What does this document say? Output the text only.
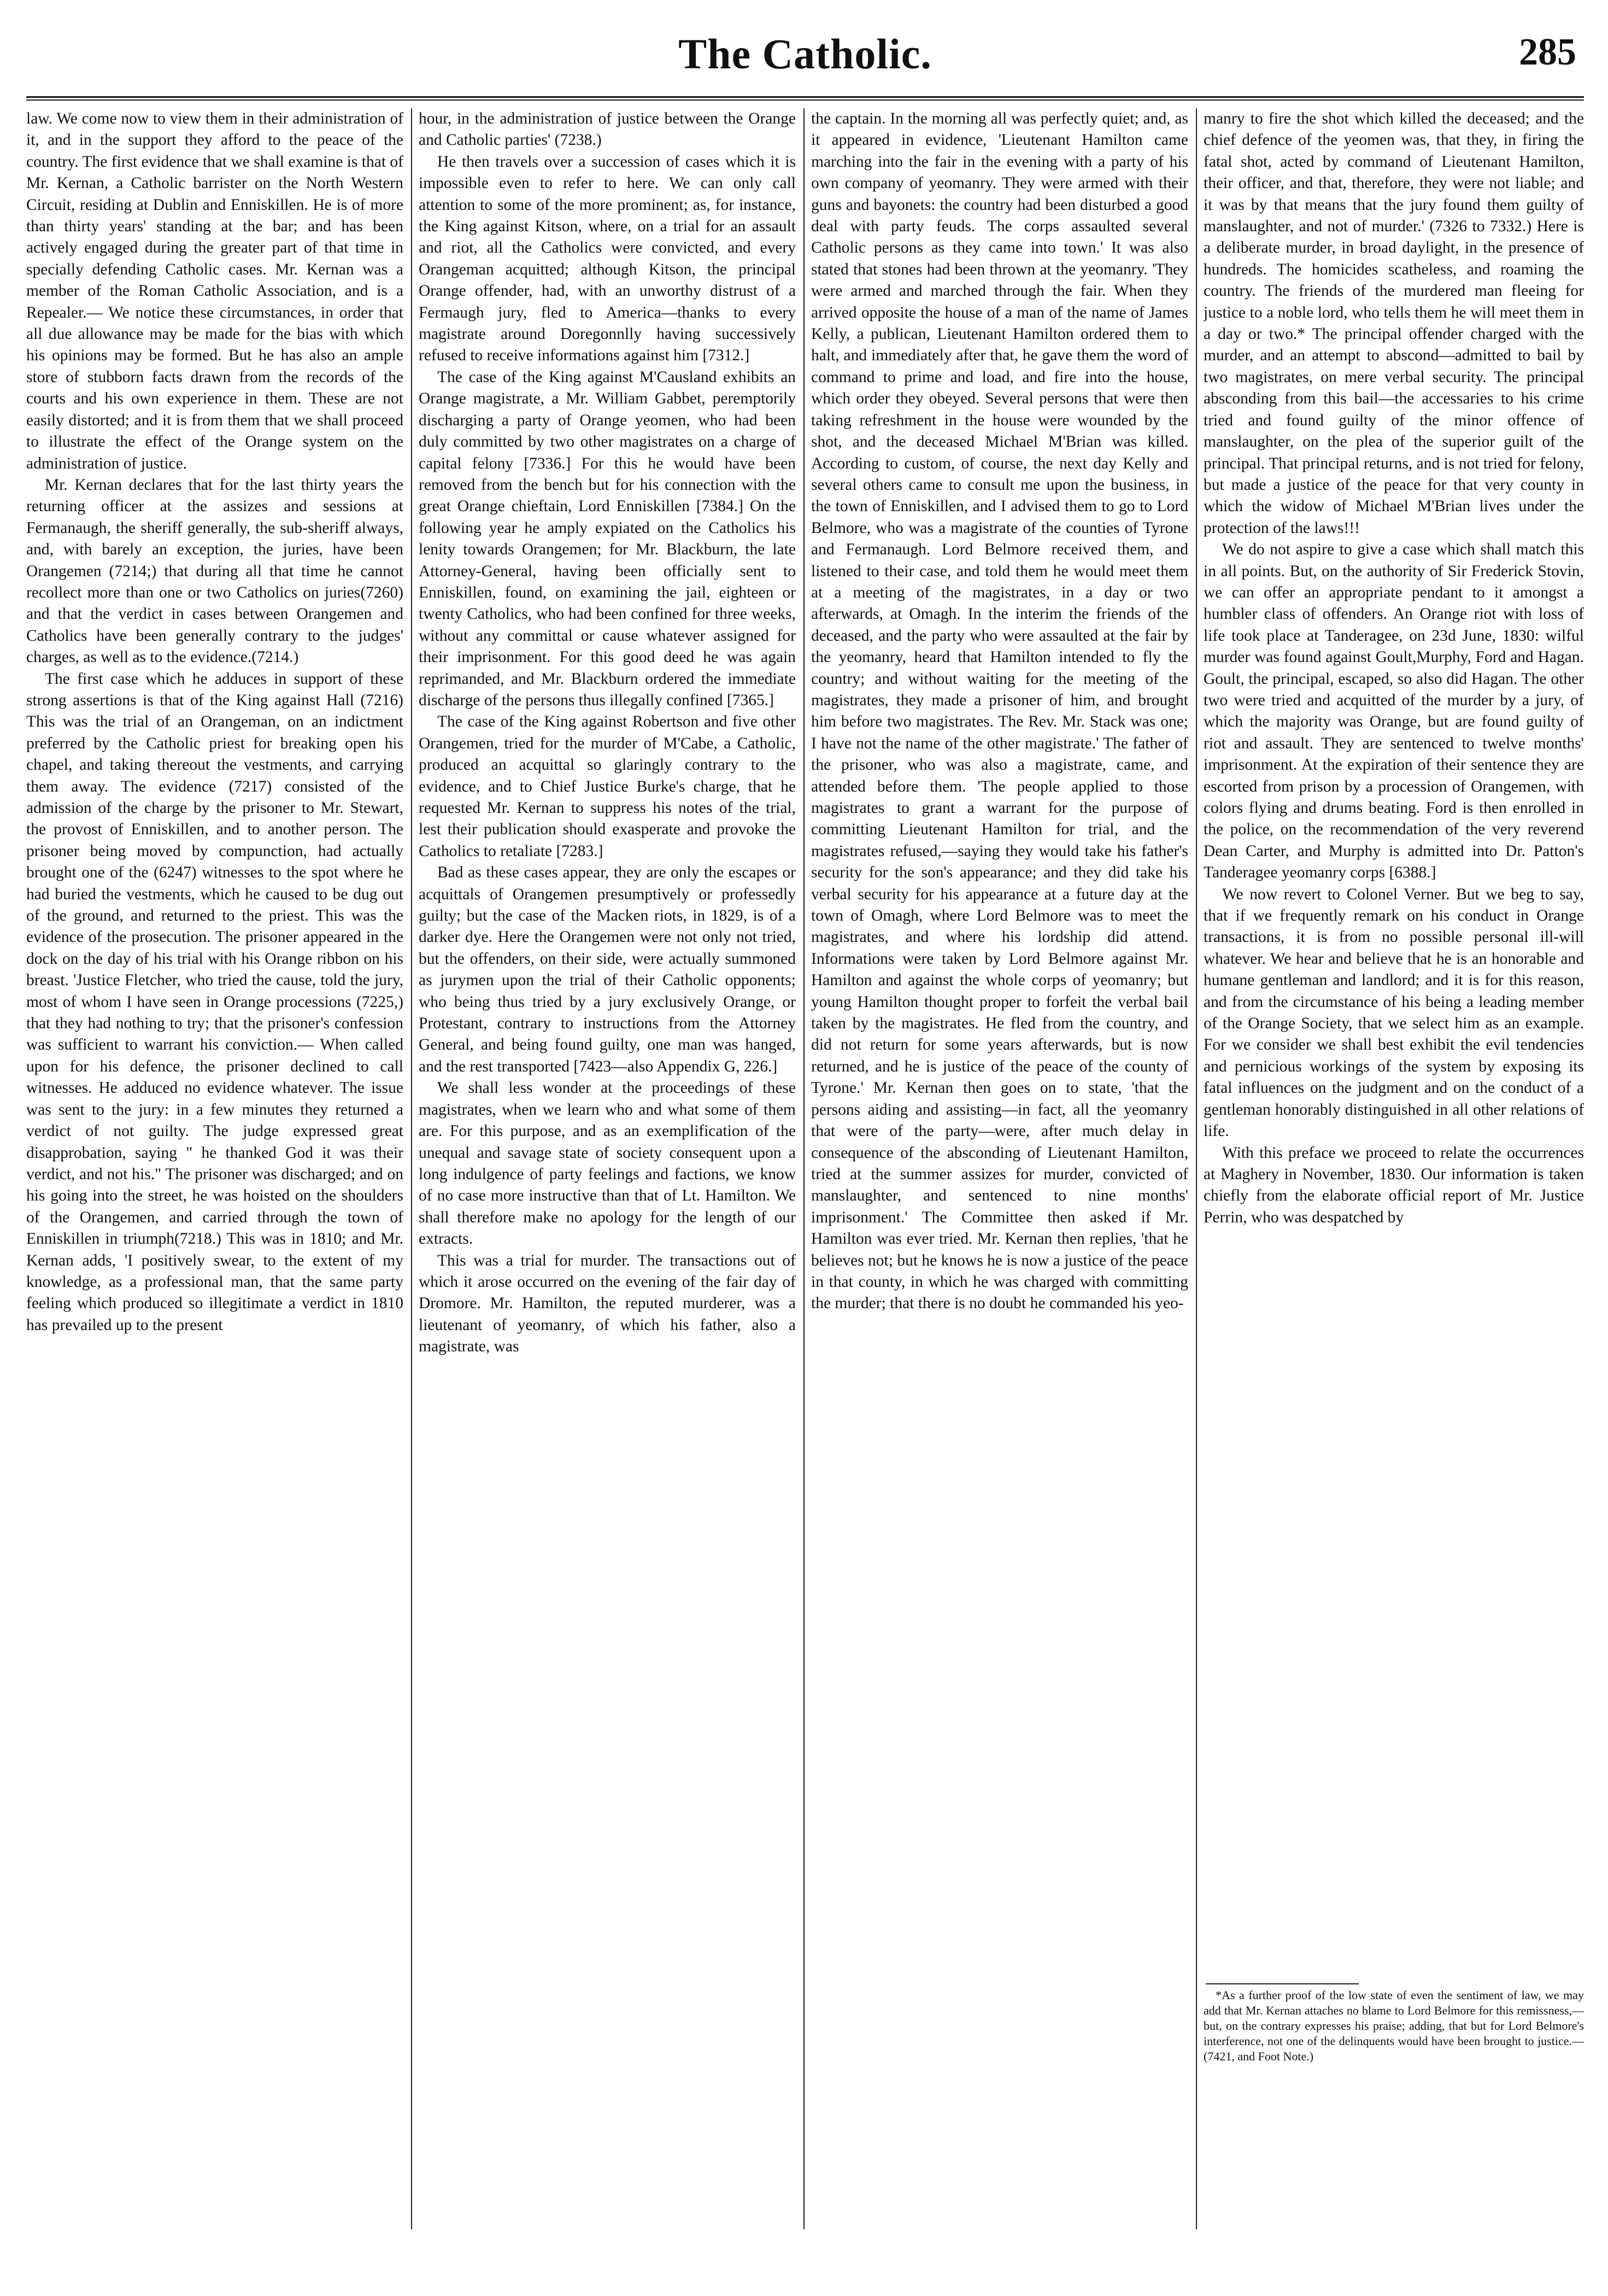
The Catholic.	285

law. We come now to view them in their administration of it, and in the support they afford to the peace of the country. The first evidence that we shall examine is that of Mr. Kernan, a Catholic barrister on the North Western Circuit, residing at Dublin and Enniskillen. He is of more than thirty years' standing at the bar; and has been actively engaged during the greater part of that time in specially defending Catholic cases. Mr. Kernan was a member of the Roman Catholic Association, and is a Repealer.— We notice these circumstances, in order that all due allowance may be made for the bias with which his opinions may be formed. But he has also an ample store of stubborn facts drawn from the records of the courts and his own experience in them. These are not easily distorted; and it is from them that we shall proceed to illustrate the effect of the Orange system on the administration of justice.

Mr. Kernan declares that for the last thirty years the returning officer at the assizes and sessions at Fermanaugh, the sheriff generally, the sub-sheriff always, and, with barely an exception, the juries, have been Orangemen (7214;) that during all that time he cannot recollect more than one or two Catholics on juries(7260) and that the verdict in cases between Orangemen and Catholics have been generally contrary to the judges' charges, as well as to the evidence.(7214.)

The first case which he adduces in support of these strong assertions is that of the King against Hall (7216) This was the trial of an Orangeman, on an indictment preferred by the Catholic priest for breaking open his chapel, and taking thereout the vestments, and carrying them away. The evidence (7217) consisted of the admission of the charge by the prisoner to Mr. Stewart, the provost of Enniskillen, and to another person. The prisoner being moved by compunction, had actually brought one of the (6247) witnesses to the spot where he had buried the vestments, which he caused to be dug out of the ground, and returned to the priest. This was the evidence of the prosecution. The prisoner appeared in the dock on the day of his trial with his Orange ribbon on his breast. 'Justice Fletcher, who tried the cause, told the jury, most of whom I have seen in Orange processions (7225,) that they had nothing to try; that the prisoner's confession was sufficient to warrant his conviction.— When called upon for his defence, the prisoner declined to call witnesses. He adduced no evidence whatever. The issue was sent to the jury: in a few minutes they returned a verdict of not guilty. The judge expressed great disapprobation, saying " he thanked God it was their verdict, and not his." The prisoner was discharged; and on his going into the street, he was hoisted on the shoulders of the Orangemen, and carried through the town of Enniskillen in triumph(7218.) This was in 1810; and Mr. Kernan adds, 'I positively swear, to the extent of my knowledge, as a professional man, that the same party feeling which produced so illegitimate a verdict in 1810 has prevailed up to the present

hour, in the administration of justice between the Orange and Catholic parties' (7238.)

He then travels over a succession of cases which it is impossible even to refer to here. We can only call attention to some of the more prominent; as, for instance, the King against Kitson, where, on a trial for an assault and riot, all the Catholics were convicted, and every Orangeman acquitted; although Kitson, the principal Orange offender, had, with an unworthy distrust of a Fermaugh jury, fled to America—thanks to every magistrate around Doregonnlly having successively refused to receive informations against him [7312.]

The case of the King against M'Causland exhibits an Orange magistrate, a Mr. William Gabbet, peremptorily discharging a party of Orange yeomen, who had been duly committed by two other magistrates on a charge of capital felony [7336.] For this he would have been removed from the bench but for his connection with the great Orange chieftain, Lord Enniskillen [7384.] On the following year he amply expiated on the Catholics his lenity towards Orangemen; for Mr. Blackburn, the late Attorney-General, having been officially sent to Enniskillen, found, on examining the jail, eighteen or twenty Catholics, who had been confined for three weeks, without any committal or cause whatever assigned for their imprisonment. For this good deed he was again reprimanded, and Mr. Blackburn ordered the immediate discharge of the persons thus illegally confined [7365.]

The case of the King against Robertson and five other Orangemen, tried for the murder of M'Cabe, a Catholic, produced an acquittal so glaringly contrary to the evidence, and to Chief Justice Burke's charge, that he requested Mr. Kernan to suppress his notes of the trial, lest their publication should exasperate and provoke the Catholics to retaliate [7283.]

Bad as these cases appear, they are only the escapes or acquittals of Orangemen presumptively or professedly guilty; but the case of the Macken riots, in 1829, is of a darker dye. Here the Orangemen were not only not tried, but the offenders, on their side, were actually summoned as jurymen upon the trial of their Catholic opponents; who being thus tried by a jury exclusively Orange, or Protestant, contrary to instructions from the Attorney General, and being found guilty, one man was hanged, and the rest transported [7423—also Appendix G, 226.]

We shall less wonder at the proceedings of these magistrates, when we learn who and what some of them are. For this purpose, and as an exemplification of the unequal and savage state of society consequent upon a long indulgence of party feelings and factions, we know of no case more instructive than that of Lt. Hamilton. We shall therefore make no apology for the length of our extracts.

This was a trial for murder. The transactions out of which it arose occurred on the evening of the fair day of Dromore. Mr. Hamilton, the reputed murderer, was a lieutenant of yeomanry, of which his father, also a magistrate, was

the captain. In the morning all was perfectly quiet; and, as it appeared in evidence, 'Lieutenant Hamilton came marching into the fair in the evening with a party of his own company of yeomanry. They were armed with their guns and bayonets: the country had been disturbed a good deal with party feuds. The corps assaulted several Catholic persons as they came into town.' It was also stated that stones had been thrown at the yeomanry. 'They were armed and marched through the fair. When they arrived opposite the house of a man of the name of James Kelly, a publican, Lieutenant Hamilton ordered them to halt, and immediately after that, he gave them the word of command to prime and load, and fire into the house, which order they obeyed. Several persons that were then taking refreshment in the house were wounded by the shot, and the deceased Michael M'Brian was killed. According to custom, of course, the next day Kelly and several others came to consult me upon the business, in the town of Enniskillen, and I advised them to go to Lord Belmore, who was a magistrate of the counties of Tyrone and Fermanaugh. Lord Belmore received them, and listened to their case, and told them he would meet them at a meeting of the magistrates, in a day or two afterwards, at Omagh. In the interim the friends of the deceased, and the party who were assaulted at the fair by the yeomanry, heard that Hamilton intended to fly the country; and without waiting for the meeting of the magistrates, they made a prisoner of him, and brought him before two magistrates. The Rev. Mr. Stack was one; I have not the name of the other magistrate.' The father of the prisoner, who was also a magistrate, came, and attended before them. 'The people applied to those magistrates to grant a warrant for the purpose of committing Lieutenant Hamilton for trial, and the magistrates refused,—saying they would take his father's security for the son's appearance; and they did take his verbal security for his appearance at a future day at the town of Omagh, where Lord Belmore was to meet the magistrates, and where his lordship did attend. Informations were taken by Lord Belmore against Mr. Hamilton and against the whole corps of yeomanry; but young Hamilton thought proper to forfeit the verbal bail taken by the magistrates. He fled from the country, and did not return for some years afterwards, but is now returned, and he is justice of the peace of the county of Tyrone.' Mr. Kernan then goes on to state, 'that the persons aiding and assisting—in fact, all the yeomanry that were of the party—were, after much delay in consequence of the absconding of Lieutenant Hamilton, tried at the summer assizes for murder, convicted of manslaughter, and sentenced to nine months' imprisonment.' The Committee then asked if Mr. Hamilton was ever tried. Mr. Kernan then replies, 'that he believes not; but he knows he is now a justice of the peace in that county, in which he was charged with committing the murder; that there is no doubt he commanded his yeo-

manry to fire the shot which killed the deceased; and the chief defence of the yeomen was, that they, in firing the fatal shot, acted by command of Lieutenant Hamilton, their officer, and that, therefore, they were not liable; and it was by that means that the jury found them guilty of manslaughter, and not of murder.' (7326 to 7332.) Here is a deliberate murder, in broad daylight, in the presence of hundreds. The homicides scatheless, and roaming the country. The friends of the murdered man fleeing for justice to a noble lord, who tells them he will meet them in a day or two.* The principal offender charged with the murder, and an attempt to abscond—admitted to bail by two magistrates, on mere verbal security. The principal absconding from this bail—the accessaries to his crime tried and found guilty of the minor offence of manslaughter, on the plea of the superior guilt of the principal. That principal returns, and is not tried for felony, but made a justice of the peace for that very county in which the widow of Michael M'Brian lives under the protection of the laws!!!

We do not aspire to give a case which shall match this in all points. But, on the authority of Sir Frederick Stovin, we can offer an appropriate pendant to it amongst a humbler class of offenders. An Orange riot with loss of life took place at Tanderagee, on 23d June, 1830: wilful murder was found against Goult,Murphy, Ford and Hagan. Goult, the principal, escaped, so also did Hagan. The other two were tried and acquitted of the murder by a jury, of which the majority was Orange, but are found guilty of riot and assault. They are sentenced to twelve months' imprisonment. At the expiration of their sentence they are escorted from prison by a procession of Orangemen, with colors flying and drums beating. Ford is then enrolled in the police, on the recommendation of the very reverend Dean Carter, and Murphy is admitted into Dr. Patton's Tanderagee yeomanry corps [6388.]

We now revert to Colonel Verner. But we beg to say, that if we frequently remark on his conduct in Orange transactions, it is from no possible personal ill-will whatever. We hear and believe that he is an honorable and humane gentleman and landlord; and it is for this reason, and from the circumstance of his being a leading member of the Orange Society, that we select him as an example. For we consider we shall best exhibit the evil tendencies and pernicious workings of the system by exposing its fatal influences on the judgment and on the conduct of a gentleman honorably distinguished in all other relations of life.

With this preface we proceed to relate the occurrences at Maghery in November, 1830. Our information is taken chiefly from the elaborate official report of Mr. Justice Perrin, who was despatched by

*As a further proof of the low state of even the sentiment of law, we may add that Mr. Kernan attaches no blame to Lord Belmore for this remissness,—but, on the contrary expresses his praise; adding, that but for Lord Belmore's interference, not one of the delinquents would have been brought to justice.—(7421, and Foot Note.)
